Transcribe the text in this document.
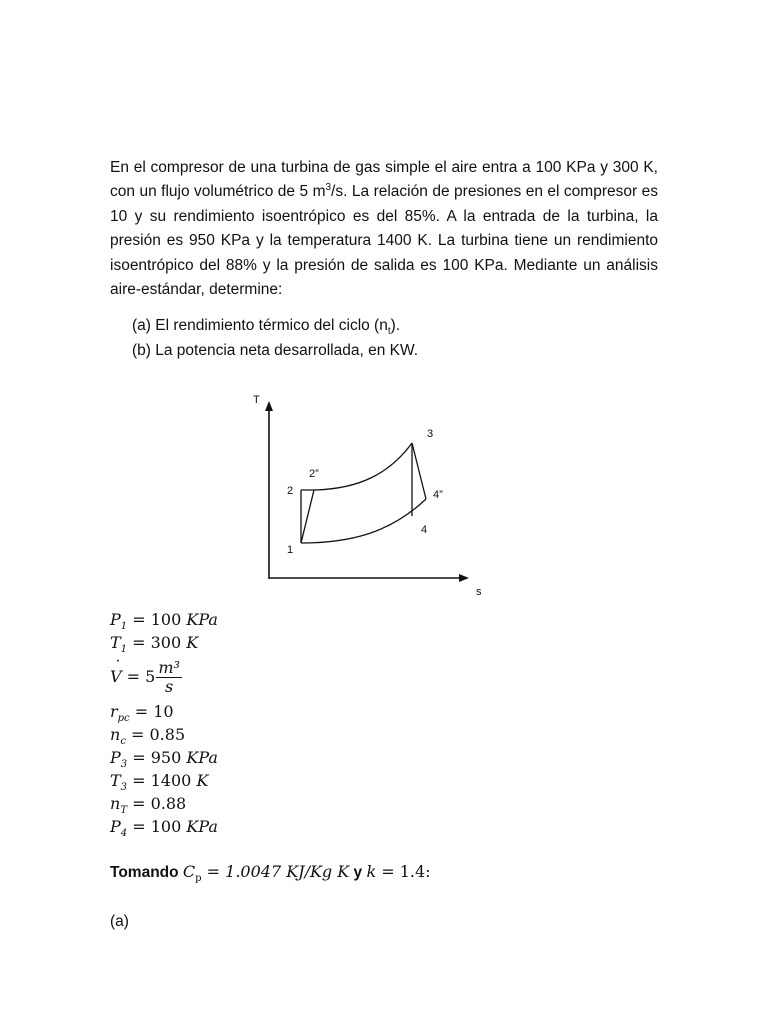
En el compresor de una turbina de gas simple el aire entra a 100 KPa y 300 K, con un flujo volumétrico de 5 $m^3/s$. La relación de presiones en el compresor es 10 y su rendimiento isoentrópico es del 85%. A la entrada de la turbina, la presión es 950 KPa y la temperatura 1400 K. La turbina tiene un rendimiento isoentrópico del 88% y la presión de salida es 100 KPa. Mediante un análisis aire-estándar, determine:
(a) El rendimiento térmico del ciclo $(n_t)$.
(b) La potencia neta desarrollada, en KW.
T
s
1
2
2”
3
4
4”
$P_1 = 100$ KPa
$T_1 = 300$ K
˙ $V = 5 \frac{\text{m³}}{s}$
$r_{pc} = 10$
$n_c = 0.85$
$P_3 = 950$ KPa
$T_3 = 1400$ K
$n_T = 0.88$
$P_4 = 100$ KPa
Tomando $C_p = 1.0047$ KJ/Kg K y k = 1.4:
(a)
